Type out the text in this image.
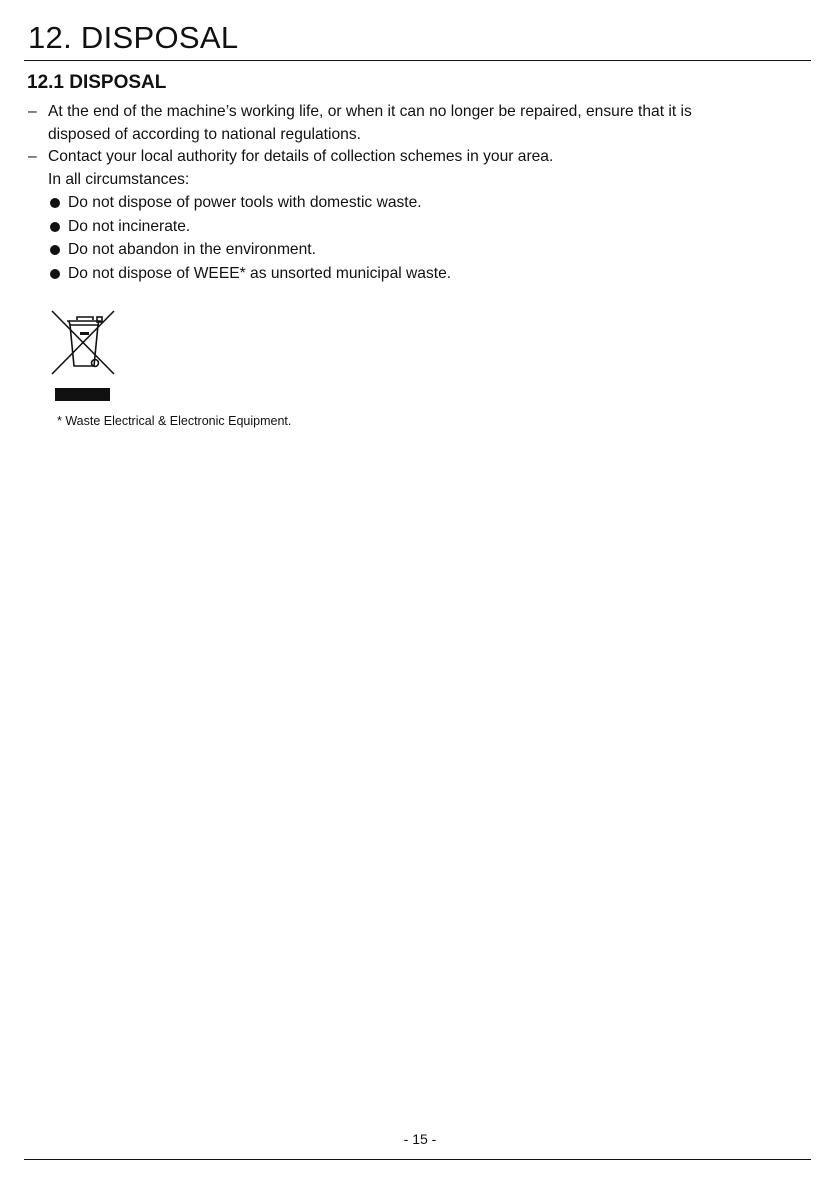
12. DISPOSAL
12.1 DISPOSAL
– At the end of the machine’s working life, or when it can no longer be repaired, ensure that it is
disposed of according to national regulations.
– Contact your local authority for details of collection schemes in your area.
In all circumstances:
Do not dispose of power tools with domestic waste.
Do not incinerate.
Do not abandon in the environment.
Do not dispose of WEEE* as unsorted municipal waste.
* Waste Electrical & Electronic Equipment.
- 15 -
